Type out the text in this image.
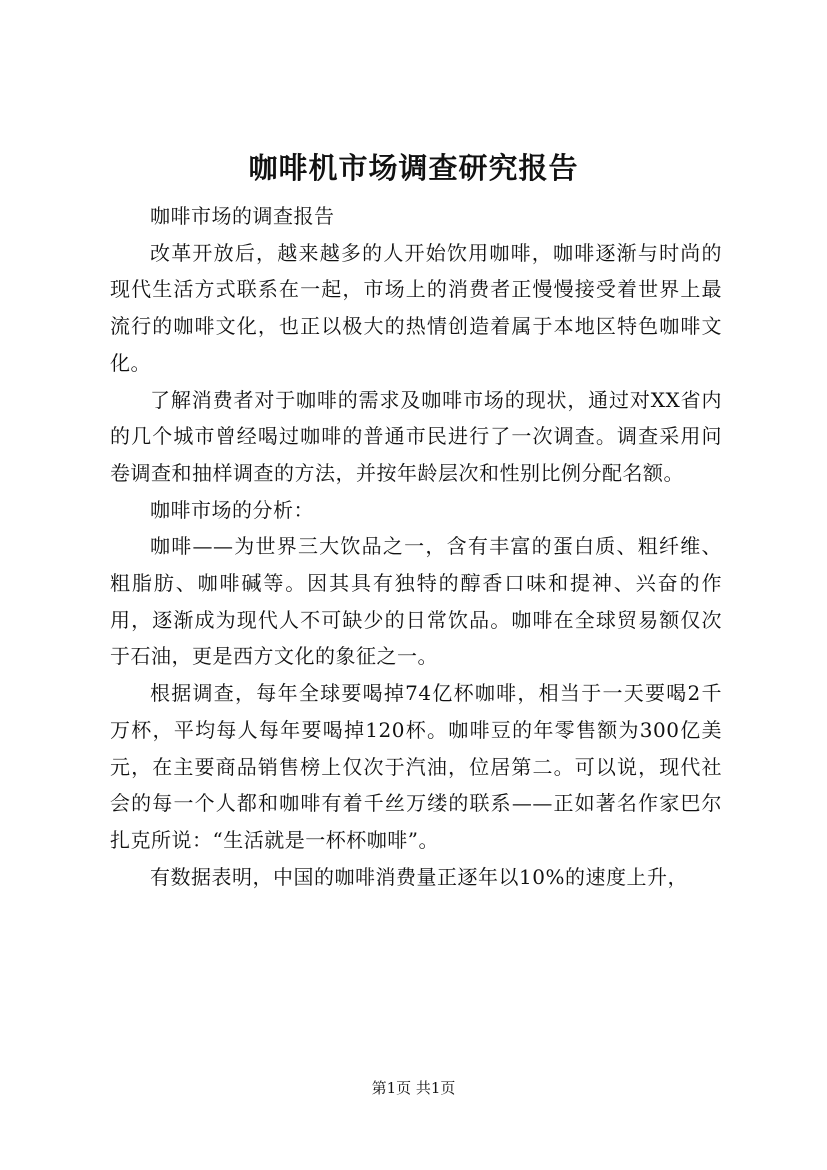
咖啡机市场调查研究报告

咖啡市场的调查报告

改革开放后，越来越多的人开始饮用咖啡，咖啡逐渐与时尚的现代生活方式联系在一起，市场上的消费者正慢慢接受着世界上最流行的咖啡文化，也正以极大的热情创造着属于本地区特色咖啡文化。

了解消费者对于咖啡的需求及咖啡市场的现状，通过对XX省内的几个城市曾经喝过咖啡的普通市民进行了一次调查。调查采用问卷调查和抽样调查的方法，并按年龄层次和性别比例分配名额。

咖啡市场的分析：

咖啡——为世界三大饮品之一，含有丰富的蛋白质、粗纤维、粗脂肪、咖啡碱等。因其具有独特的醇香口味和提神、兴奋的作用，逐渐成为现代人不可缺少的日常饮品。咖啡在全球贸易额仅次于石油，更是西方文化的象征之一。

根据调查，每年全球要喝掉74亿杯咖啡，相当于一天要喝2千万杯，平均每人每年要喝掉120杯。咖啡豆的年零售额为300亿美元，在主要商品销售榜上仅次于汽油，位居第二。可以说，现代社会的每一个人都和咖啡有着千丝万缕的联系——正如著名作家巴尔扎克所说：“生活就是一杯杯咖啡”。

有数据表明，中国的咖啡消费量正逐年以10%的速度上升，

第1页 共1页
